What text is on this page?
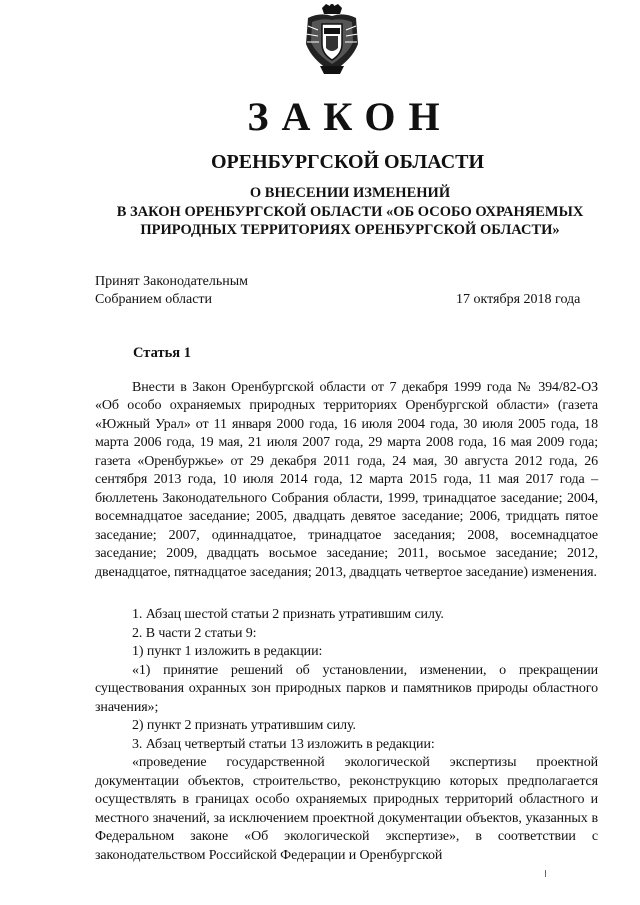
ЗАКОН
ОРЕНБУРГСКОЙ ОБЛАСТИ
О ВНЕСЕНИИ ИЗМЕНЕНИЙ
В ЗАКОН ОРЕНБУРГСКОЙ ОБЛАСТИ «ОБ ОСОБО ОХРАНЯЕМЫХ
ПРИРОДНЫХ ТЕРРИТОРИЯХ ОРЕНБУРГСКОЙ ОБЛАСТИ»
Принят Законодательным
Собранием области	17 октября 2018 года
Статья 1

Внести в Закон Оренбургской области от 7 декабря 1999 года № 394/82-ОЗ «Об особо охраняемых природных территориях Оренбургской области» (газета «Южный Урал» от 11 января 2000 года, 16 июля 2004 года, 30 июля 2005 года, 18 марта 2006 года, 19 мая, 21 июля 2007 года, 29 марта 2008 года, 16 мая 2009 года; газета «Оренбуржье» от 29 декабря 2011 года, 24 мая, 30 августа 2012 года, 26 сентября 2013 года, 10 июля 2014 года, 12 марта 2015 года, 11 мая 2017 года – бюллетень Законодательного Собрания области, 1999, тринадцатое заседание; 2004, восемнадцатое заседание; 2005, двадцать девятое заседание; 2006, тридцать пятое заседание; 2007, одиннадцатое, тринадцатое заседания; 2008, восемнадцатое заседание; 2009, двадцать восьмое заседание; 2011, восьмое заседание; 2012, двенадцатое, пятнадцатое заседания; 2013, двадцать четвертое заседание) изменения.

1. Абзац шестой статьи 2 признать утратившим силу.

2. В части 2 статьи 9:

1) пункт 1 изложить в редакции:

«1) принятие решений об установлении, изменении, о прекращении существования охранных зон природных парков и памятников природы областного значения»;

2) пункт 2 признать утратившим силу.

3. Абзац четвертый статьи 13 изложить в редакции:

«проведение государственной экологической экспертизы проектной документации объектов, строительство, реконструкцию которых предполагается осуществлять в границах особо охраняемых природных территорий областного и местного значений, за исключением проектной документации объектов, указанных в Федеральном законе «Об экологической экспертизе», в соответствии с законодательством Российской Федерации и Оренбургской
